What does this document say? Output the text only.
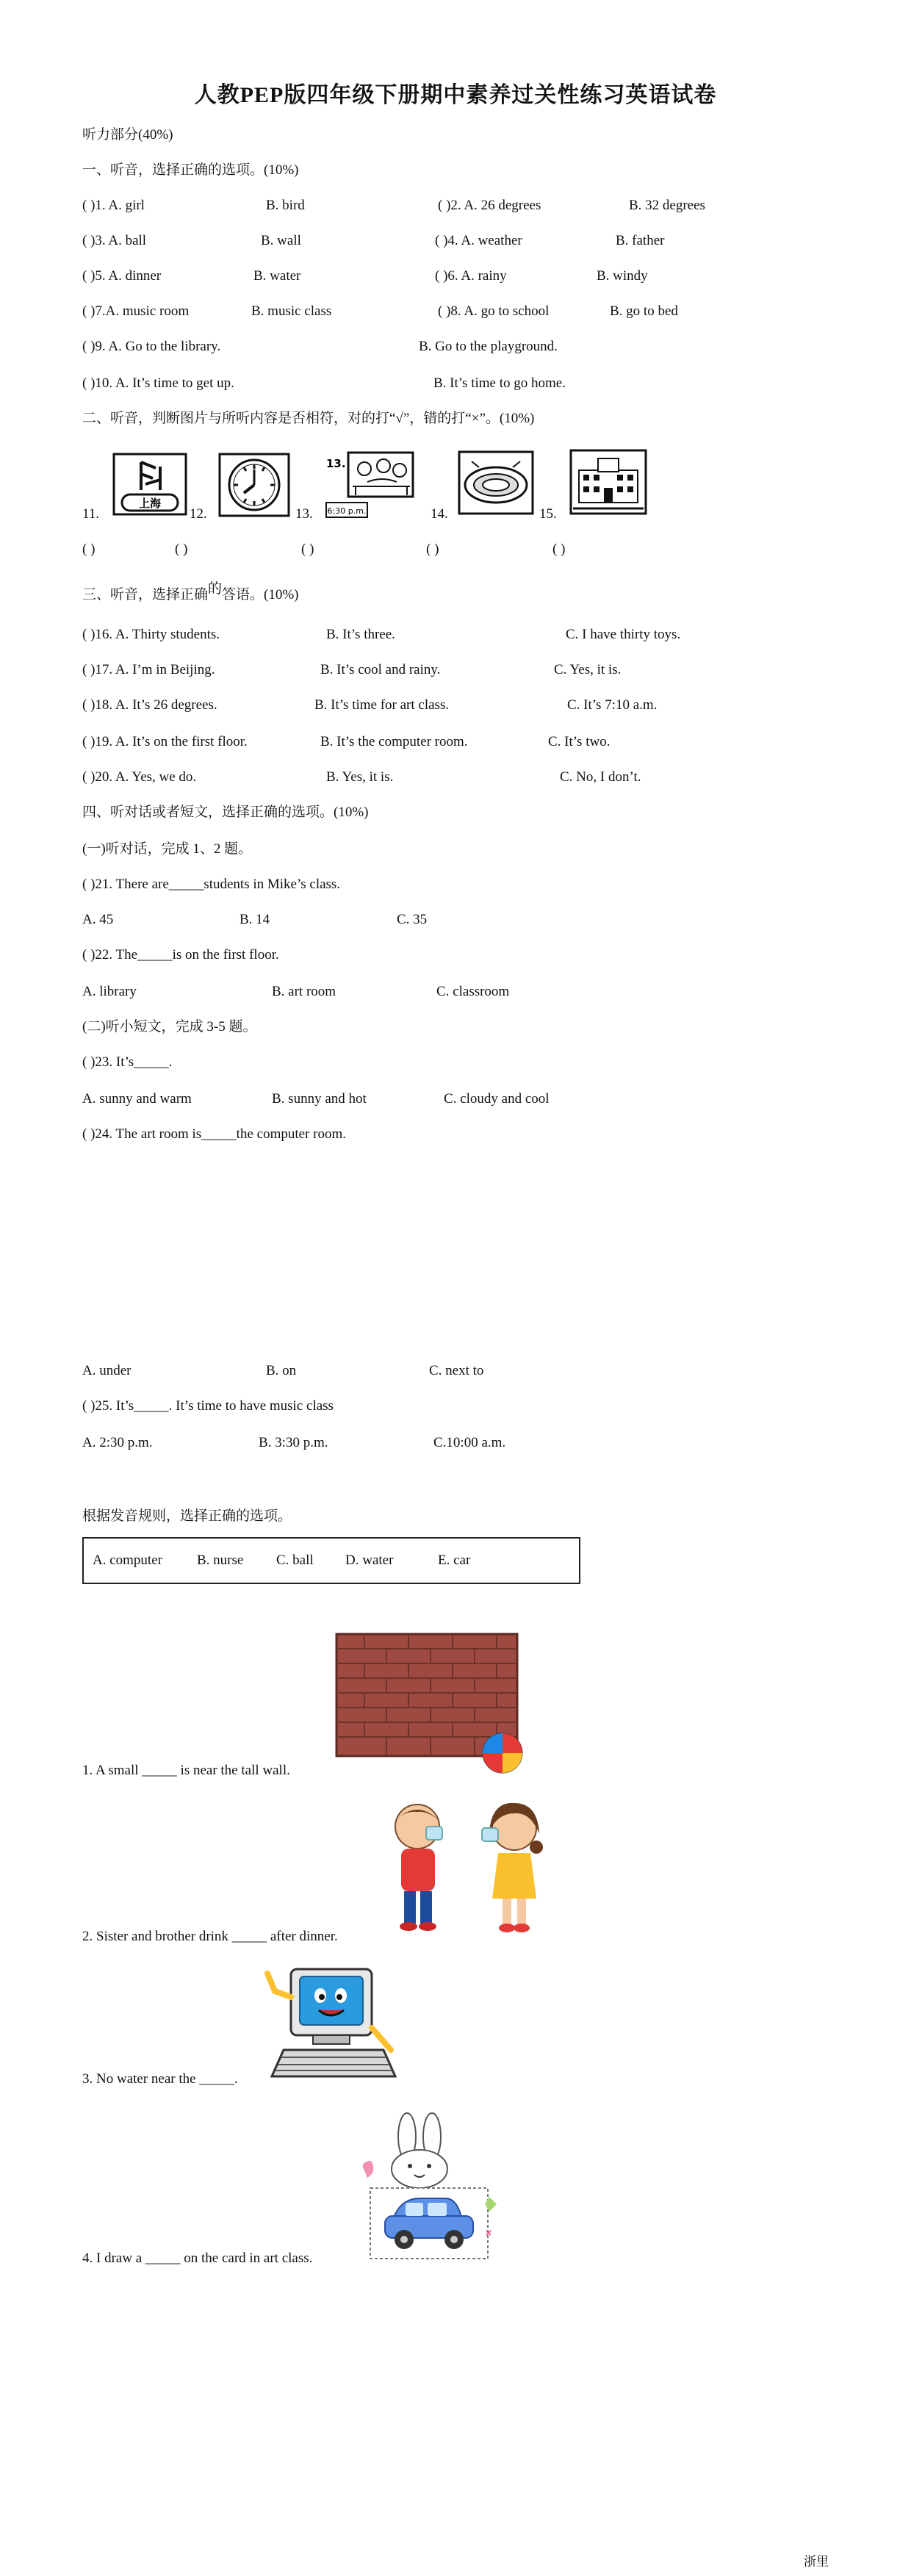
人教PEP版四年级下册期中素养过关性练习英语试卷
听力部分(40%)
一、听音，选择正确的选项。(10%)
( )1. A. girl	B. bird	( )2. A. 26 degrees	B. 32 degrees
( )3. A. ball	B. wall	( )4. A. weather	B. father
( )5. A. dinner	B. water	( )6. A. rainy	B. windy
( )7.A. music room	B. music class	( )8. A. go to school	B. go to bed
( )9. A. Go to the library.	B. Go to the playground.
( )10. A. It’s time to get up.	B. It’s time to go home.
二、听音，判断图片与所听内容是否相符，对的打“√”，错的打“×”。(10%)
11.
上海
12.	13.
13.
6:30 p.m.	14.	15.
( )	( )	( )	( )	( )
三、听音，选择正确的答语。(10%)
( )16. A. Thirty students.	B. It’s three.	C. I have thirty toys.
( )17. A. I’m in Beijing.	B. It’s cool and rainy.	C. Yes, it is.
( )18. A. It’s 26 degrees.	B. It’s time for art class.	C. It’s 7:10 a.m.
( )19. A. It’s on the first floor.	B. It’s the computer room.	C. It’s two.
( )20. A. Yes, we do.	B. Yes, it is.	C. No, I don’t.
四、听对话或者短文，选择正确的选项。(10%)
(一)听对话，完成 1、2 题。
( )21. There are_____students in Mike’s class.
A. 45	B. 14	C. 35
( )22. The_____is on the first floor.
A. library	B. art room	C. classroom
(二)听小短文，完成 3-5 题。
( )23. It’s_____.
A. sunny and warm	B. sunny and hot	C. cloudy and cool
( )24. The art room is_____the computer room.
A. under	B. on	C. next to
( )25. It’s_____. It’s time to have music class
A. 2:30 p.m.	B. 3:30 p.m.	C.10:00 a.m.
根据发音规则，选择正确的选项。
A. computer B. nurse C. ball D. water	E. car
1. A small _____ is near the tall wall.
2. Sister and brother drink _____ after dinner.
3. No water near the _____.
4. I draw a _____ on the card in art class.
浙里
